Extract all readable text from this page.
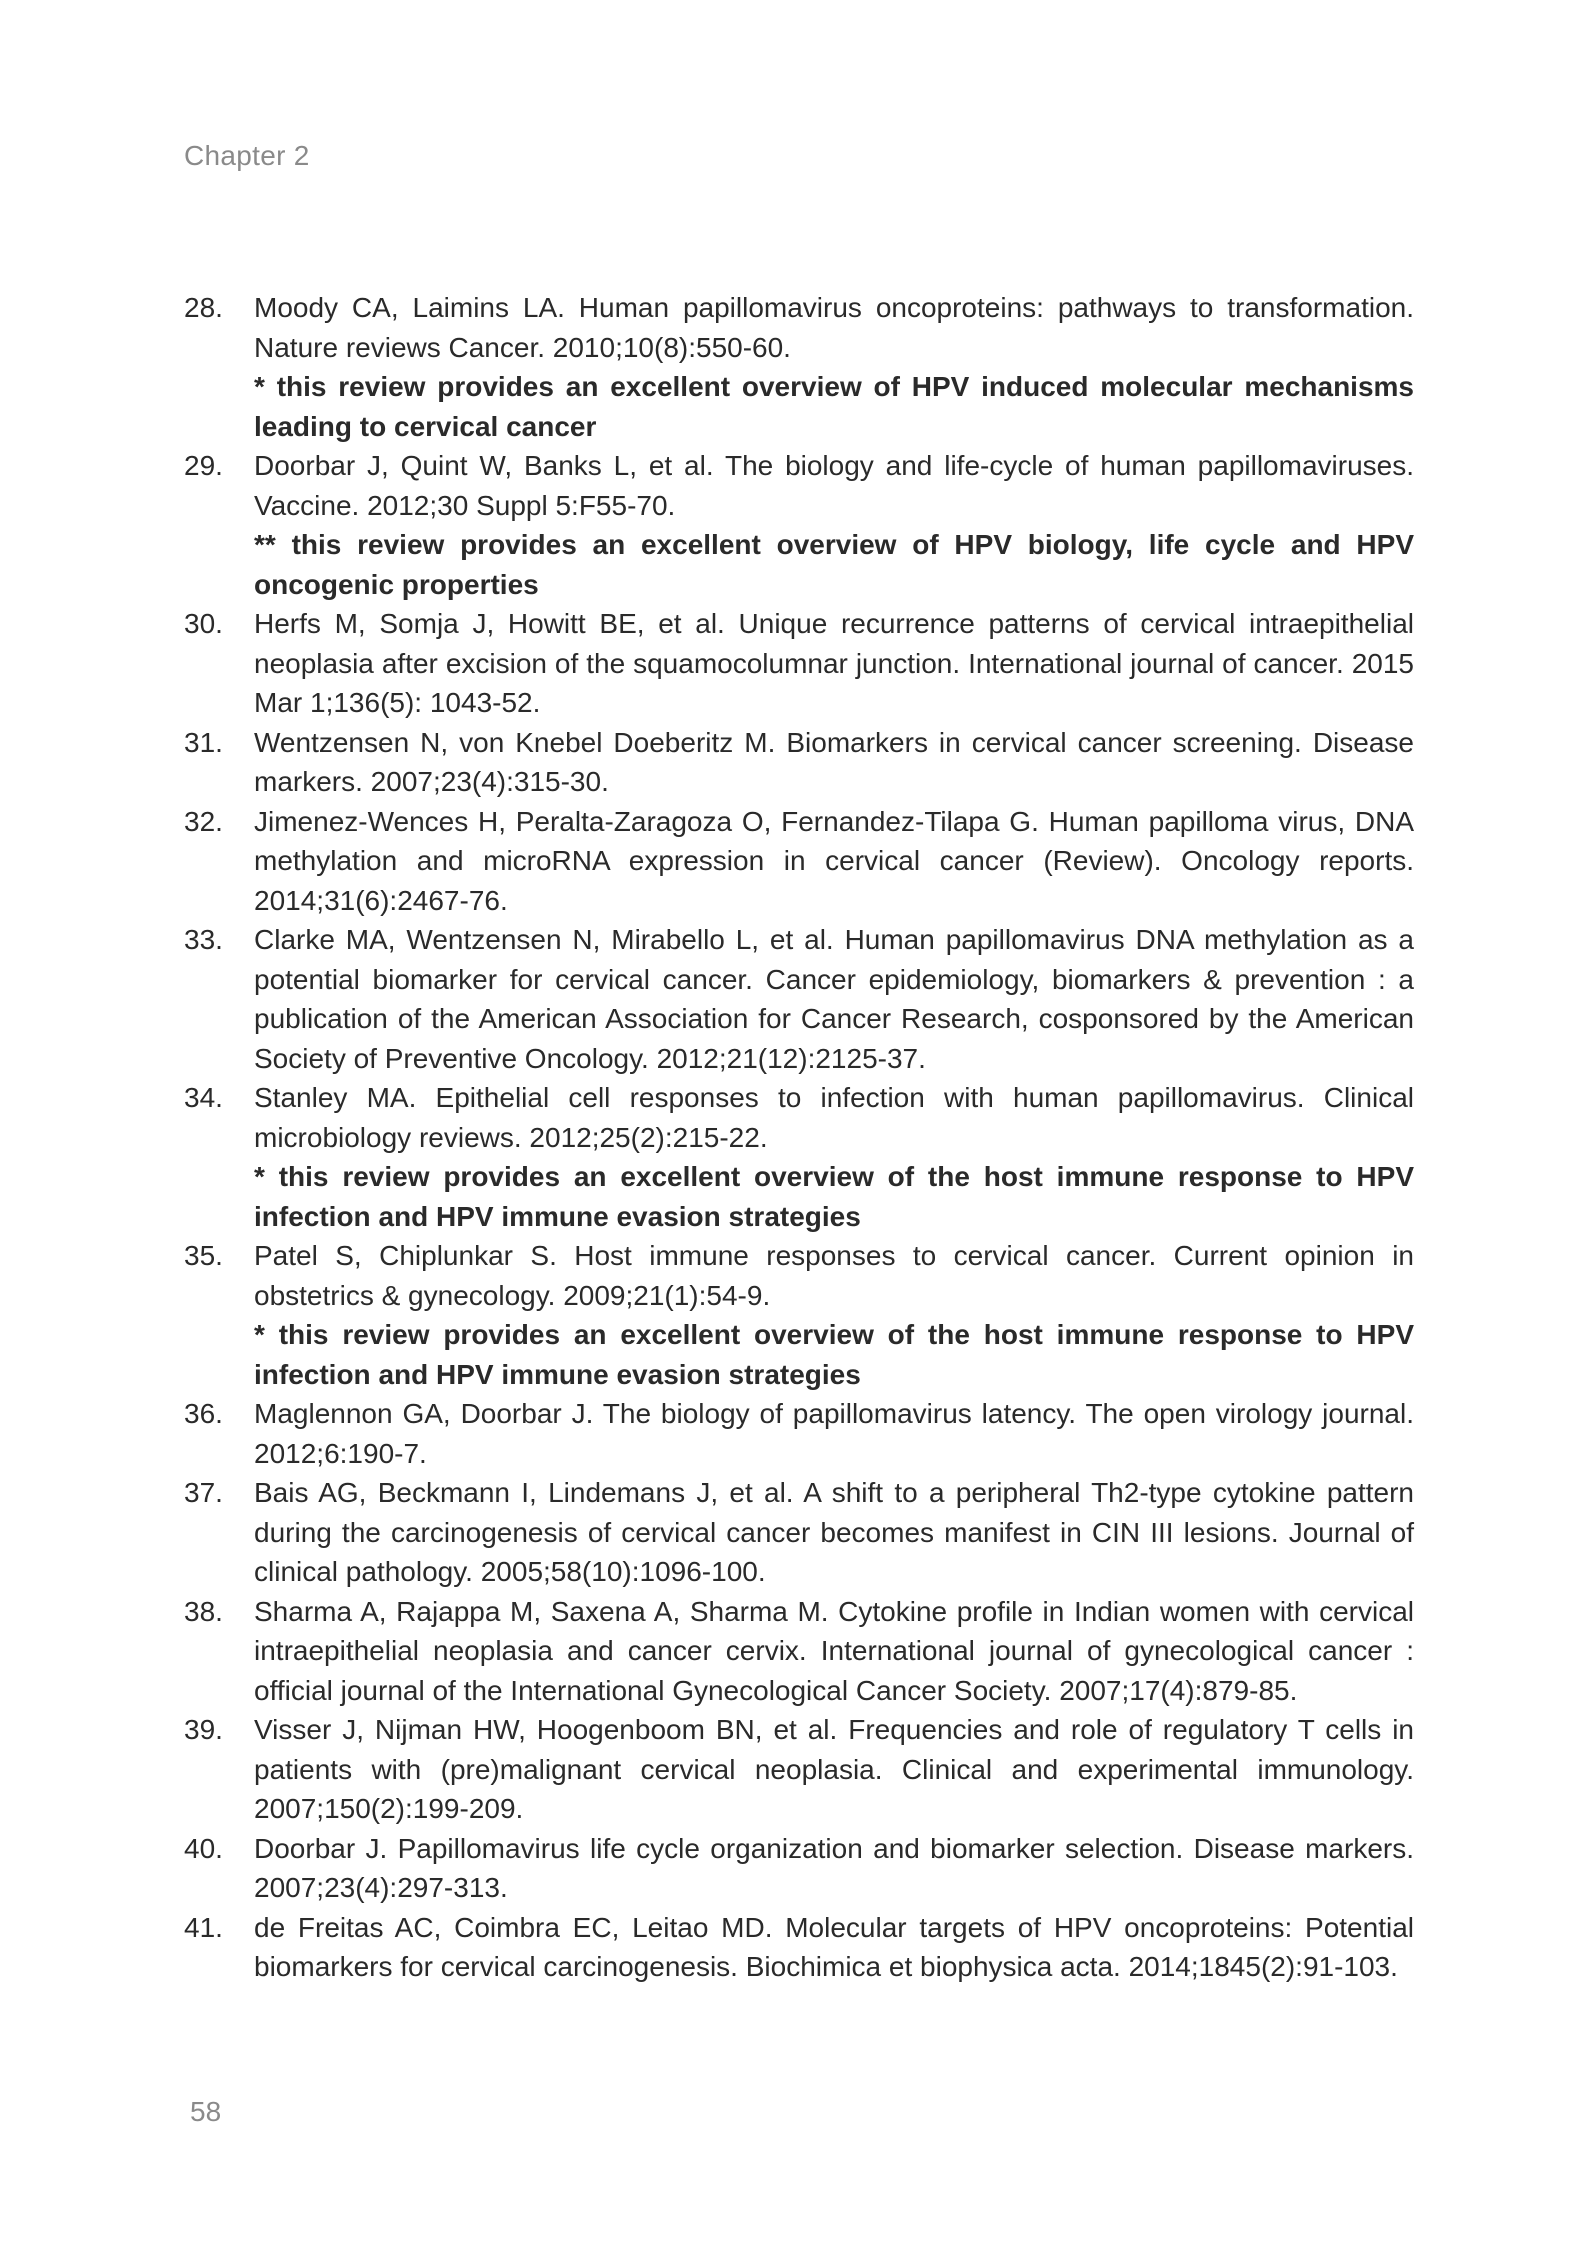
Chapter 2
28.	Moody CA, Laimins LA. Human papillomavirus oncoproteins: pathways to transformation. Nature reviews Cancer. 2010;10(8):550-60.
* this review provides an excellent overview of HPV induced molecular mechanisms leading to cervical cancer
29.	Doorbar J, Quint W, Banks L, et al. The biology and life-cycle of human papillomaviruses. Vaccine. 2012;30 Suppl 5:F55-70.
** this review provides an excellent overview of HPV biology, life cycle and HPV oncogenic properties
30.	Herfs M, Somja J, Howitt BE, et al. Unique recurrence patterns of cervical intraepithelial neoplasia after excision of the squamocolumnar junction. International journal of cancer. 2015 Mar 1;136(5): 1043-52.
31.	Wentzensen N, von Knebel Doeberitz M. Biomarkers in cervical cancer screening. Disease markers. 2007;23(4):315-30.
32.	Jimenez-Wences H, Peralta-Zaragoza O, Fernandez-Tilapa G. Human papilloma virus, DNA methylation and microRNA expression in cervical cancer (Review). Oncology reports. 2014;31(6):2467-76.
33.	Clarke MA, Wentzensen N, Mirabello L, et al. Human papillomavirus DNA methylation as a potential biomarker for cervical cancer. Cancer epidemiology, biomarkers & prevention : a publication of the American Association for Cancer Research, cosponsored by the American Society of Preventive Oncology. 2012;21(12):2125-37.
34.	Stanley MA. Epithelial cell responses to infection with human papillomavirus. Clinical microbiology reviews. 2012;25(2):215-22.
* this review provides an excellent overview of the host immune response to HPV infection and HPV immune evasion strategies
35.	Patel S, Chiplunkar S. Host immune responses to cervical cancer. Current opinion in obstetrics & gynecology. 2009;21(1):54-9.
* this review provides an excellent overview of the host immune response to HPV infection and HPV immune evasion strategies
36.	Maglennon GA, Doorbar J. The biology of papillomavirus latency. The open virology journal. 2012;6:190-7.
37.	Bais AG, Beckmann I, Lindemans J, et al. A shift to a peripheral Th2-type cytokine pattern during the carcinogenesis of cervical cancer becomes manifest in CIN III lesions. Journal of clinical pathology. 2005;58(10):1096-100.
38.	Sharma A, Rajappa M, Saxena A, Sharma M. Cytokine profile in Indian women with cervical intraepithelial neoplasia and cancer cervix. International journal of gynecological cancer : official journal of the International Gynecological Cancer Society. 2007;17(4):879-85.
39.	Visser J, Nijman HW, Hoogenboom BN, et al. Frequencies and role of regulatory T cells in patients with (pre)malignant cervical neoplasia. Clinical and experimental immunology. 2007;150(2):199-209.
40.	Doorbar J. Papillomavirus life cycle organization and biomarker selection. Disease markers. 2007;23(4):297-313.
41.	de Freitas AC, Coimbra EC, Leitao MD. Molecular targets of HPV oncoproteins: Potential biomarkers for cervical carcinogenesis. Biochimica et biophysica acta. 2014;1845(2):91-103.
58
